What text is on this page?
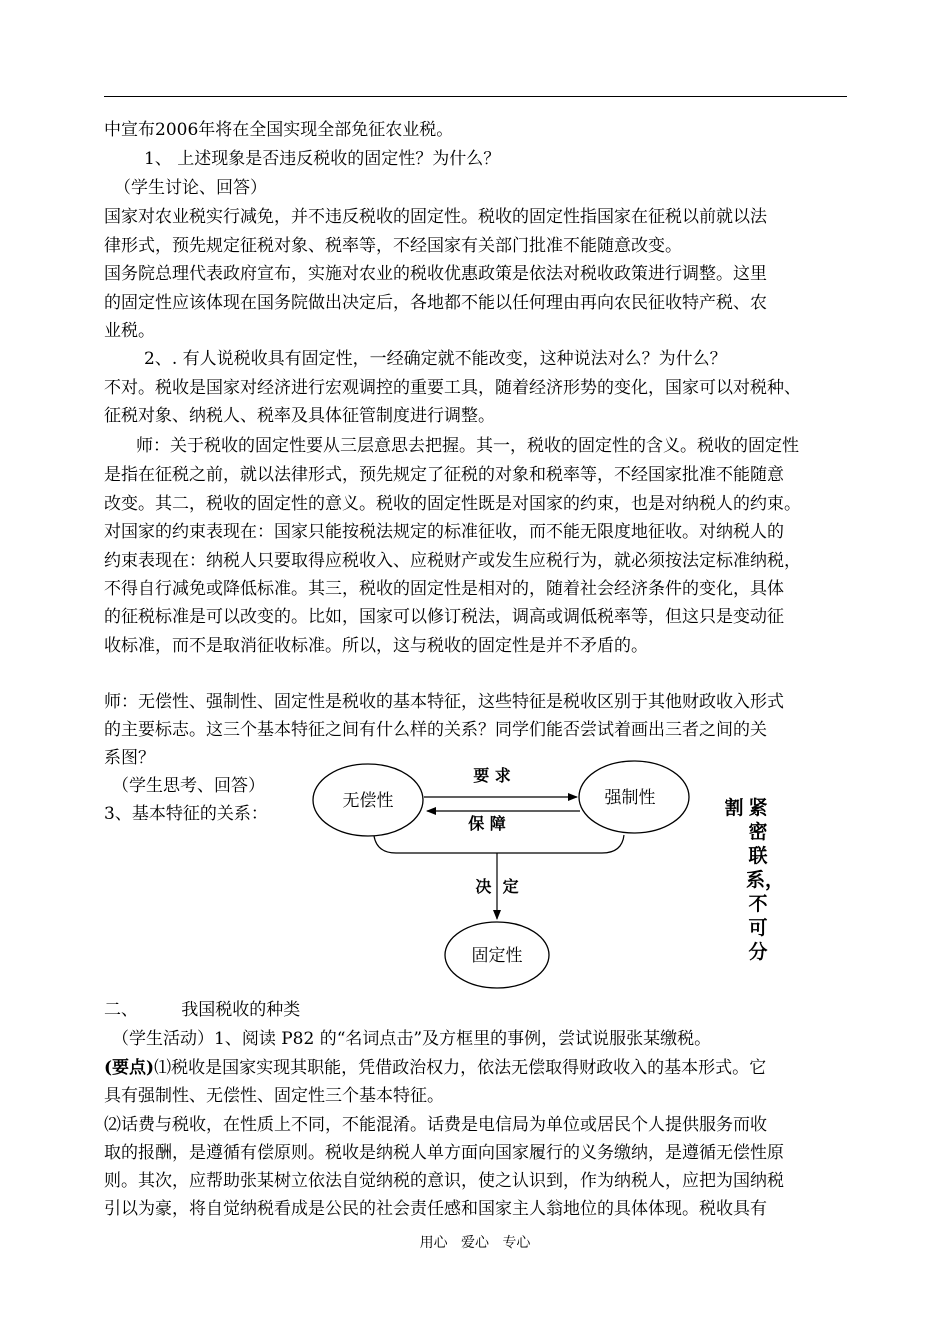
中宣布2006年将在全国实现全部免征农业税。
1、 上述现象是否违反税收的固定性？为什么？
（学生讨论、回答）
国家对农业税实行减免，并不违反税收的固定性。税收的固定性指国家在征税以前就以法
律形式，预先规定征税对象、税率等，不经国家有关部门批准不能随意改变。
国务院总理代表政府宣布，实施对农业的税收优惠政策是依法对税收政策进行调整。这里
的固定性应该体现在国务院做出决定后，各地都不能以任何理由再向农民征收特产税、农
业税。
2、. 有人说税收具有固定性，一经确定就不能改变，这种说法对么？为什么？
不对。税收是国家对经济进行宏观调控的重要工具，随着经济形势的变化，国家可以对税种、
征税对象、纳税人、税率及具体征管制度进行调整。
师：关于税收的固定性要从三层意思去把握。其一，税收的固定性的含义。税收的固定性
是指在征税之前，就以法律形式，预先规定了征税的对象和税率等，不经国家批准不能随意
改变。其二，税收的固定性的意义。税收的固定性既是对国家的约束，也是对纳税人的约束。
对国家的约束表现在：国家只能按税法规定的标准征收，而不能无限度地征收。对纳税人的
约束表现在：纳税人只要取得应税收入、应税财产或发生应税行为，就必须按法定标准纳税，
不得自行减免或降低标准。其三，税收的固定性是相对的，随着社会经济条件的变化，具体
的征税标准是可以改变的。比如，国家可以修订税法，调高或调低税率等，但这只是变动征
收标准，而不是取消征收标准。所以，这与税收的固定性是并不矛盾的。
师：无偿性、强制性、固定性是税收的基本特征，这些特征是税收区别于其他财政收入形式
的主要标志。这三个基本特征之间有什么样的关系？同学们能否尝试着画出三者之间的关
系图？
（学生思考、回答）
3、基本特征的关系：
无偿性	强制性
固定性
要 求
保 障
决  定
割 紧密联系，不可分
二、        我国税收的种类
（学生活动）1、阅读 P82 的“名词点击”及方框里的事例，尝试说服张某缴税。
(要点)⑴税收是国家实现其职能，凭借政治权力，依法无偿取得财政收入的基本形式。它
具有强制性、无偿性、固定性三个基本特征。
⑵话费与税收，在性质上不同，不能混淆。话费是电信局为单位或居民个人提供服务而收
取的报酬，是遵循有偿原则。税收是纳税人单方面向国家履行的义务缴纳，是遵循无偿性原
则。其次，应帮助张某树立依法自觉纳税的意识，使之认识到，作为纳税人，应把为国纳税
引以为豪，将自觉纳税看成是公民的社会责任感和国家主人翁地位的具体体现。税收具有
用心   爱心   专心
